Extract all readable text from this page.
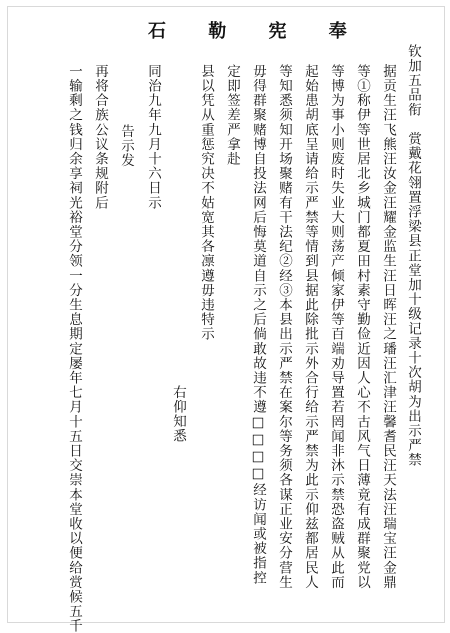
石 勒 宪 奉
钦加五品衔　赏戴花翎置浮梁县正堂加十级记录十次胡为出示严禁
据贡生汪飞熊汪汝金汪耀金监生汪日晖汪之璠汪汇津汪馨耆民汪天法汪瑞宝汪金鼎
等①称伊等世居北乡城门都夏田村素守勤俭近因人心不古风气日薄竟有成群聚党以
等博为事小则废时失业大则荡产倾家伊等百端劝导置若罔闻非沐示禁恐盗贼从此而
起始患胡底呈请给示严禁等情到县据此除批示外合行给示严禁为此示仰兹都居民人
等知悉须知开场聚赌有干法纪②经③本县出示严禁在案尔等务须各谋正业安分营生
毋得群聚赌博自投法网后悔莫道自示之后倘敢故违不遵□□□□经访闻或被指控
定即签差严拿赴
县以凭从重惩究决不姑宽其各凛遵毋违特示
右仰知悉
同治九年九月十六日示
告示发
再将合族公议条规附后
一输剩之钱归余享祠光裕堂分领一分生息期定屡年七月十五日交崇本堂收以便给赏候五千
